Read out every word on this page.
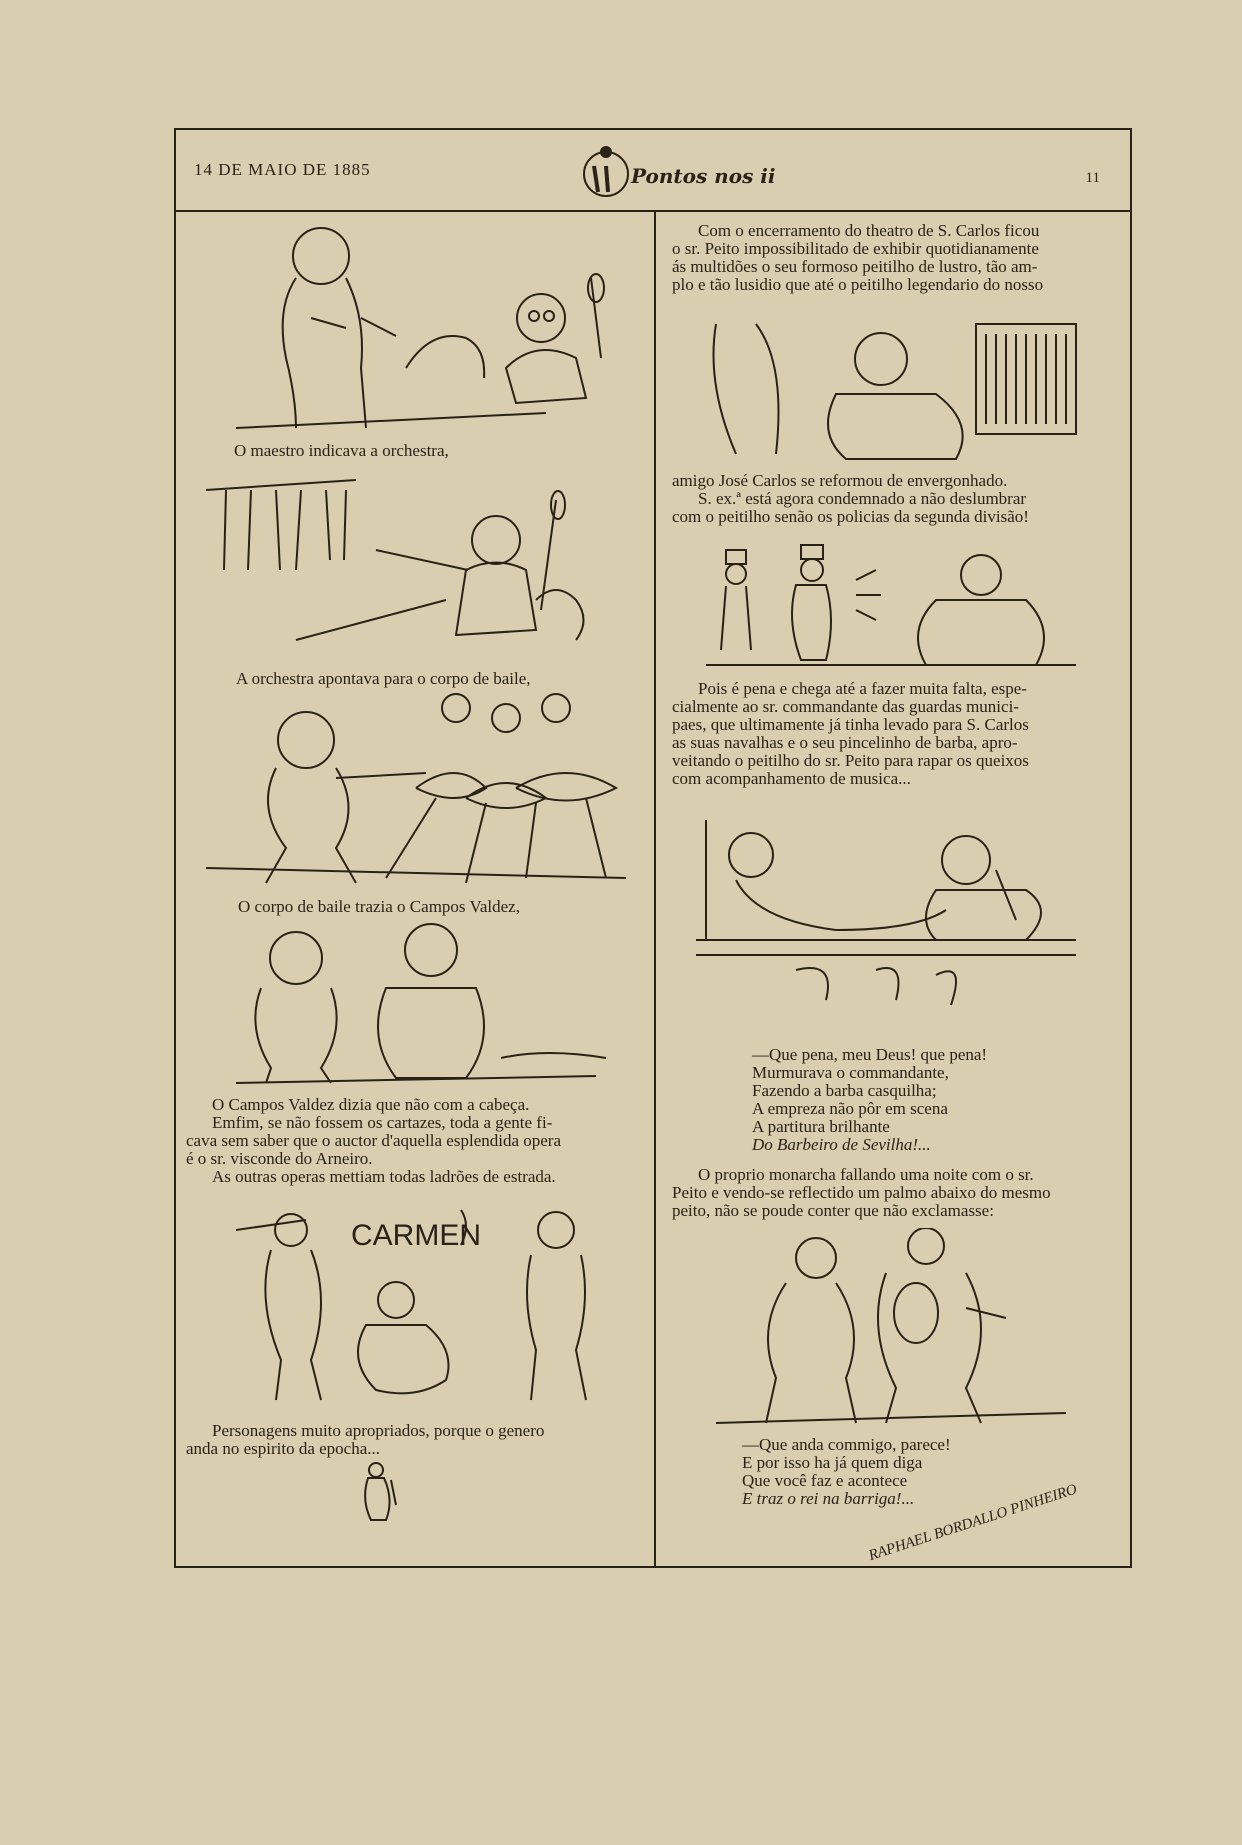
14 DE MAIO DE 1885	Pontos nos ii	11
O maestro indicava a orchestra,
A orchestra apontava para o corpo de baile,
O corpo de baile trazia o Campos Valdez,
O Campos Valdez dizia que não com a cabeça.
Emfim, se não fossem os cartazes, toda a gente fi-
cava sem saber que o auctor d'aquella esplendida opera
é o sr. visconde do Arneiro.
As outras operas mettiam todas ladrões de estrada.
CARMEN
Personagens muito apropriados, porque o genero
anda no espirito da epocha...
Com o encerramento do theatro de S. Carlos ficou
o sr. Peito impossibilitado de exhibir quotidianamente
ás multidões o seu formoso peitilho de lustro, tão am-
plo e tão lusidio que até o peitilho legendario do nosso
amigo José Carlos se reformou de envergonhado.
S. ex.ª está agora condemnado a não deslumbrar
com o peitilho senão os policias da segunda divisão!
Pois é pena e chega até a fazer muita falta, espe-
cialmente ao sr. commandante das guardas munici-
paes, que ultimamente já tinha levado para S. Carlos
as suas navalhas e o seu pincelinho de barba, apro-
veitando o peitilho do sr. Peito para rapar os queixos
com acompanhamento de musica...
—Que pena, meu Deus! que pena!
Murmurava o commandante,
Fazendo a barba casquilha;
A empreza não pôr em scena
A partitura brilhante
Do Barbeiro de Sevilha!...
O proprio monarcha fallando uma noite com o sr.
Peito e vendo-se reflectido um palmo abaixo do mesmo
peito, não se poude conter que não exclamasse:
—Que anda commigo, parece!
E por isso ha já quem diga
Que você faz e acontece
E traz o rei na barriga!...
RAPHAEL BORDALLO PINHEIRO
